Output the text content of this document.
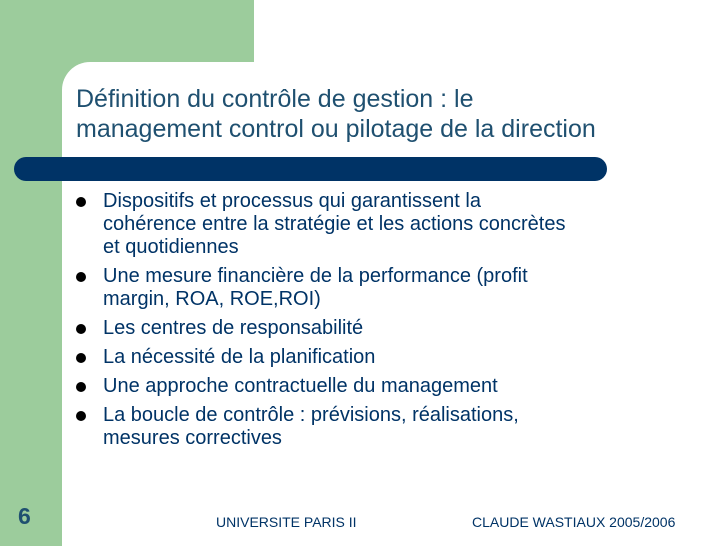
Définition du contrôle de gestion : le
management control ou pilotage de la direction
Dispositifs et processus qui garantissent la
cohérence entre la stratégie et les actions concrètes
et quotidiennes
Une mesure financière de la performance (profit
margin, ROA, ROE,ROI)
Les centres de responsabilité
La nécessité de la planification
Une approche contractuelle du management
La boucle de contrôle : prévisions, réalisations,
mesures correctives
6	UNIVERSITE PARIS II	CLAUDE WASTIAUX 2005/2006
